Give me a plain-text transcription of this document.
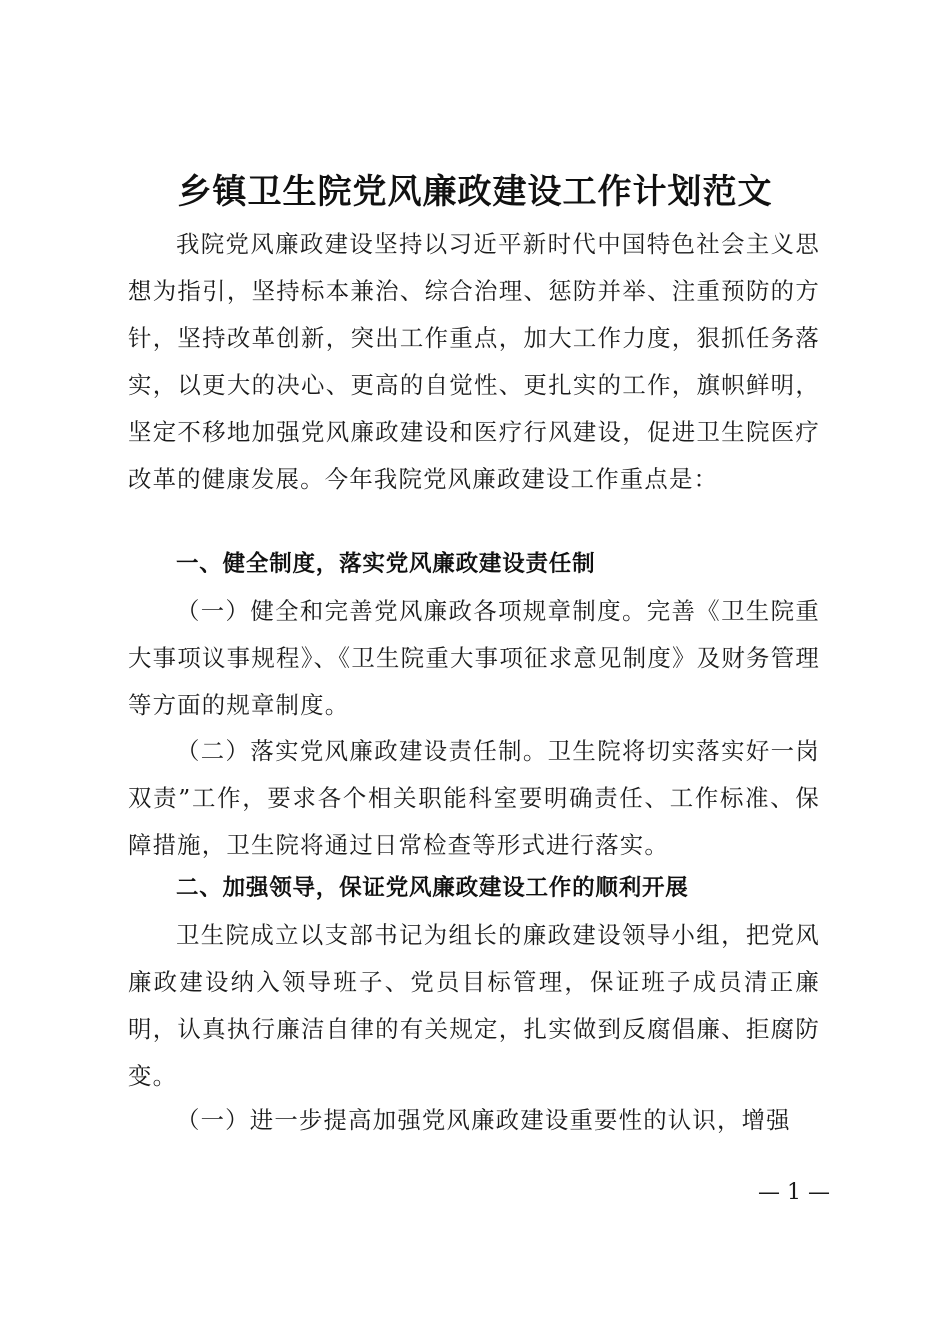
乡镇卫生院党风廉政建设工作计划范文

我院党风廉政建设坚持以习近平新时代中国特色社会主义思想为指引，坚持标本兼治、综合治理、惩防并举、注重预防的方针，坚持改革创新，突出工作重点，加大工作力度，狠抓任务落实，以更大的决心、更高的自觉性、更扎实的工作，旗帜鲜明，坚定不移地加强党风廉政建设和医疗行风建设，促进卫生院医疗改革的健康发展。今年我院党风廉政建设工作重点是：

一、健全制度，落实党风廉政建设责任制

（一）健全和完善党风廉政各项规章制度。完善《卫生院重大事项议事规程》、《卫生院重大事项征求意见制度》及财务管理等方面的规章制度。

（二）落实党风廉政建设责任制。卫生院将切实落实好一岗双责”工作，要求各个相关职能科室要明确责任、工作标准、保障措施，卫生院将通过日常检查等形式进行落实。

二、加强领导，保证党风廉政建设工作的顺利开展

卫生院成立以支部书记为组长的廉政建设领导小组，把党风廉政建设纳入领导班子、党员目标管理，保证班子成员清正廉明，认真执行廉洁自律的有关规定，扎实做到反腐倡廉、拒腐防变。

（一）进一步提高加强党风廉政建设重要性的认识，增强

— 1 —
